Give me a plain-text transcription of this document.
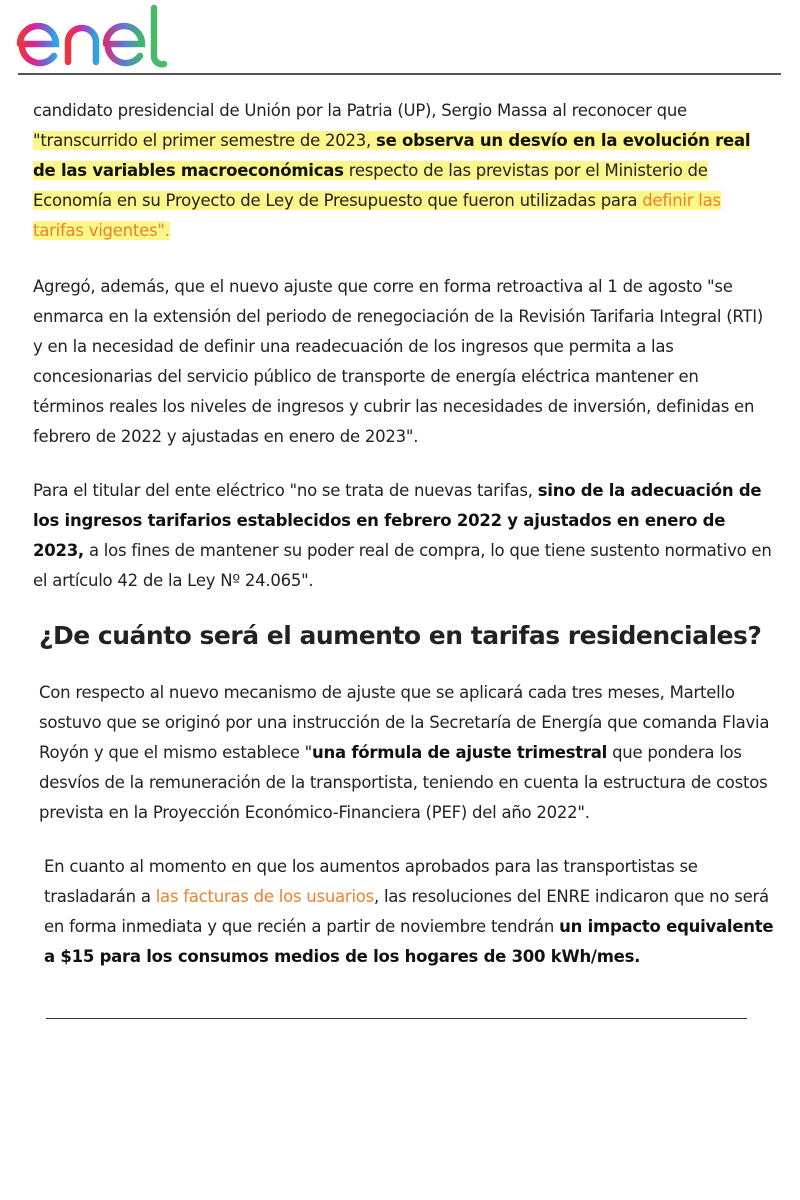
candidato presidencial de Unión por la Patria (UP), Sergio Massa al reconocer que "transcurrido el primer semestre de 2023, se observa un desvío en la evolución real de las variables macroeconómicas respecto de las previstas por el Ministerio de Economía en su Proyecto de Ley de Presupuesto que fueron utilizadas para definir las tarifas vigentes".

Agregó, además, que el nuevo ajuste que corre en forma retroactiva al 1 de agosto "se enmarca en la extensión del periodo de renegociación de la Revisión Tarifaria Integral (RTI) y en la necesidad de definir una readecuación de los ingresos que permita a las concesionarias del servicio público de transporte de energía eléctrica mantener en términos reales los niveles de ingresos y cubrir las necesidades de inversión, definidas en febrero de 2022 y ajustadas en enero de 2023".

Para el titular del ente eléctrico "no se trata de nuevas tarifas, sino de la adecuación de los ingresos tarifarios establecidos en febrero 2022 y ajustados en enero de 2023, a los fines de mantener su poder real de compra, lo que tiene sustento normativo en el artículo 42 de la Ley Nº 24.065".

¿De cuánto será el aumento en tarifas residenciales?

Con respecto al nuevo mecanismo de ajuste que se aplicará cada tres meses, Martello sostuvo que se originó por una instrucción de la Secretaría de Energía que comanda Flavia Royón y que el mismo establece "una fórmula de ajuste trimestral que pondera los desvíos de la remuneración de la transportista, teniendo en cuenta la estructura de costos prevista en la Proyección Económico-Financiera (PEF) del año 2022".

En cuanto al momento en que los aumentos aprobados para las transportistas se trasladarán a las facturas de los usuarios, las resoluciones del ENRE indicaron que no será en forma inmediata y que recién a partir de noviembre tendrán un impacto equivalente a $15 para los consumos medios de los hogares de 300 kWh/mes.
